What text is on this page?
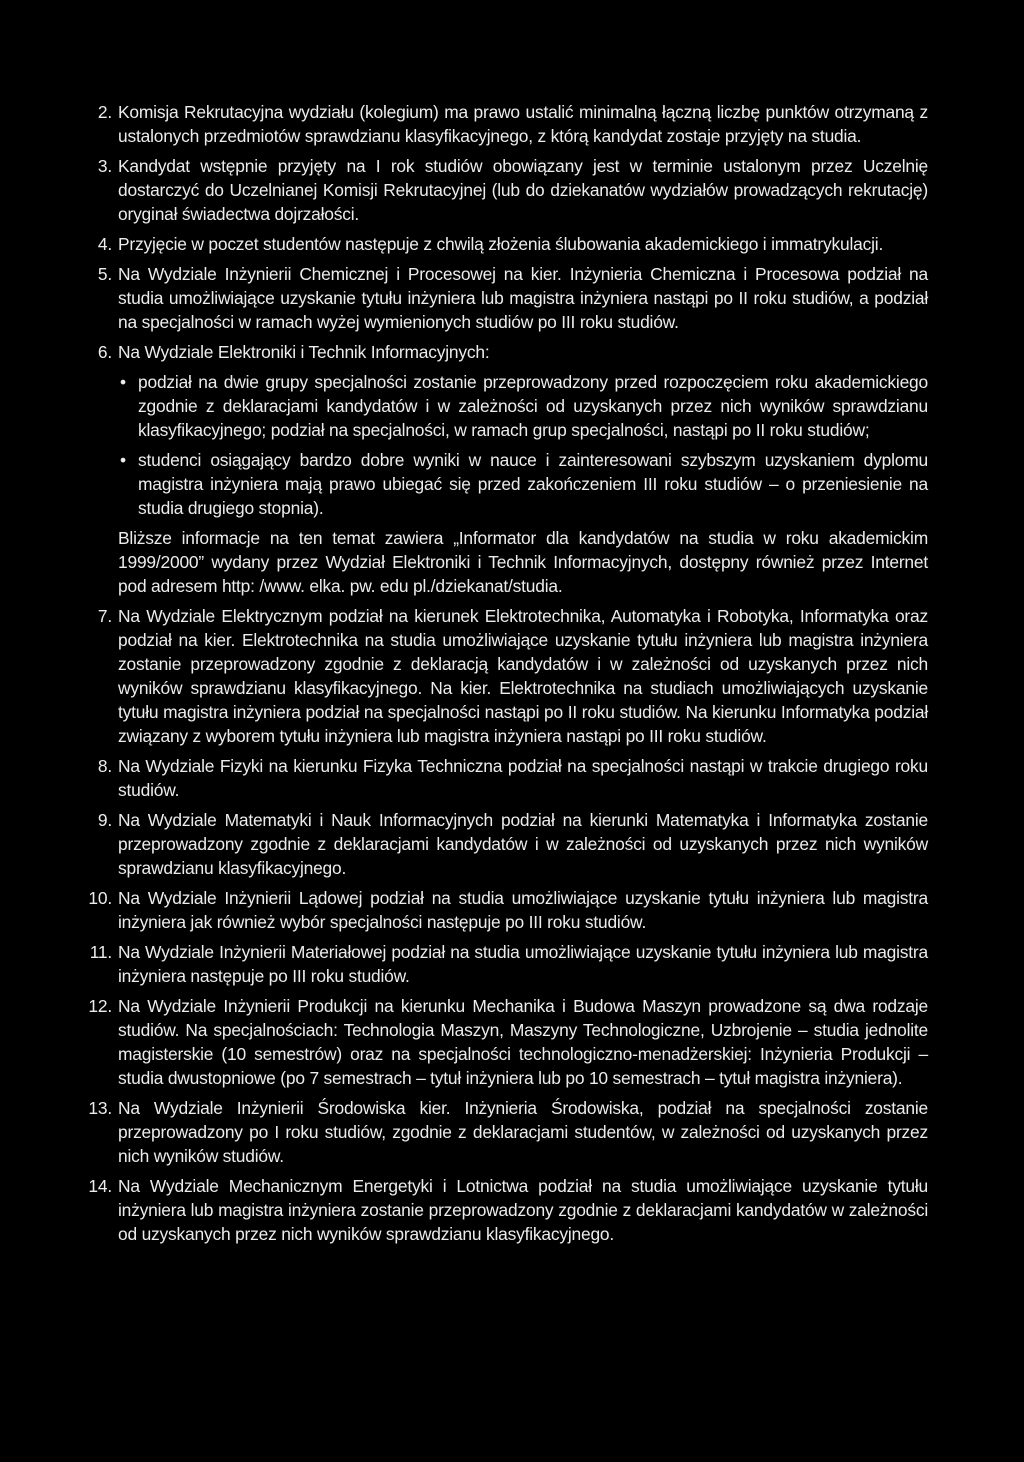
2. Komisja Rekrutacyjna wydziału (kolegium) ma prawo ustalić minimalną łączną liczbę punktów otrzymaną z ustalonych przedmiotów sprawdzianu klasyfikacyjnego, z którą kandydat zostaje przyjęty na studia.

3. Kandydat wstępnie przyjęty na I rok studiów obowiązany jest w terminie ustalonym przez Uczelnię dostarczyć do Uczelnianej Komisji Rekrutacyjnej (lub do dziekanatów wydziałów prowadzących rekrutację) oryginał świadectwa dojrzałości.

4. Przyjęcie w poczet studentów następuje z chwilą złożenia ślubowania akademickiego i immatrykulacji.

5. Na Wydziale Inżynierii Chemicznej i Procesowej na kier. Inżynieria Chemiczna i Procesowa podział na studia umożliwiające uzyskanie tytułu inżyniera lub magistra inżyniera nastąpi po II roku studiów, a podział na specjalności w ramach wyżej wymienionych studiów po III roku studiów.

6. Na Wydziale Elektroniki i Technik Informacyjnych:

• podział na dwie grupy specjalności zostanie przeprowadzony przed rozpoczęciem roku akademickiego zgodnie z deklaracjami kandydatów i w zależności od uzyskanych przez nich wyników sprawdzianu klasyfikacyjnego; podział na specjalności, w ramach grup specjalności, nastąpi po II roku studiów;
• studenci osiągający bardzo dobre wyniki w nauce i zainteresowani szybszym uzyskaniem dyplomu magistra inżyniera mają prawo ubiegać się przed zakończeniem III roku studiów – o przeniesienie na studia drugiego stopnia).

Bliższe informacje na ten temat zawiera „Informator dla kandydatów na studia w roku akademickim 1999/2000” wydany przez Wydział Elektroniki i Technik Informacyjnych, dostępny również przez Internet pod adresem http: /www. elka. pw. edu pl./dziekanat/studia.

7. Na Wydziale Elektrycznym podział na kierunek Elektrotechnika, Automatyka i Robotyka, Informatyka oraz podział na kier. Elektrotechnika na studia umożliwiające uzyskanie tytułu inżyniera lub magistra inżyniera zostanie przeprowadzony zgodnie z deklaracją kandydatów i w zależności od uzyskanych przez nich wyników sprawdzianu klasyfikacyjnego. Na kier. Elektrotechnika na studiach umożliwiających uzyskanie tytułu magistra inżyniera podział na specjalności nastąpi po II roku studiów. Na kierunku Informatyka podział związany z wyborem tytułu inżyniera lub magistra inżyniera nastąpi po III roku studiów.

8. Na Wydziale Fizyki na kierunku Fizyka Techniczna podział na specjalności nastąpi w trakcie drugiego roku studiów.

9. Na Wydziale Matematyki i Nauk Informacyjnych podział na kierunki Matematyka i Informatyka zostanie przeprowadzony zgodnie z deklaracjami kandydatów i w zależności od uzyskanych przez nich wyników sprawdzianu klasyfikacyjnego.

10. Na Wydziale Inżynierii Lądowej podział na studia umożliwiające uzyskanie tytułu inżyniera lub magistra inżyniera jak również wybór specjalności następuje po III roku studiów.

11. Na Wydziale Inżynierii Materiałowej podział na studia umożliwiające uzyskanie tytułu inżyniera lub magistra inżyniera następuje po III roku studiów.

12. Na Wydziale Inżynierii Produkcji na kierunku Mechanika i Budowa Maszyn prowadzone są dwa rodzaje studiów. Na specjalnościach: Technologia Maszyn, Maszyny Technologiczne, Uzbrojenie – studia jednolite magisterskie (10 semestrów) oraz na specjalności technologiczno-menadżerskiej: Inżynieria Produkcji – studia dwustopniowe (po 7 semestrach – tytuł inżyniera lub po 10 semestrach – tytuł magistra inżyniera).

13. Na Wydziale Inżynierii Środowiska kier. Inżynieria Środowiska, podział na specjalności zostanie przeprowadzony po I roku studiów, zgodnie z deklaracjami studentów, w zależności od uzyskanych przez nich wyników studiów.

14. Na Wydziale Mechanicznym Energetyki i Lotnictwa podział na studia umożliwiające uzyskanie tytułu inżyniera lub magistra inżyniera zostanie przeprowadzony zgodnie z deklaracjami kandydatów w zależności od uzyskanych przez nich wyników sprawdzianu klasyfikacyjnego.
